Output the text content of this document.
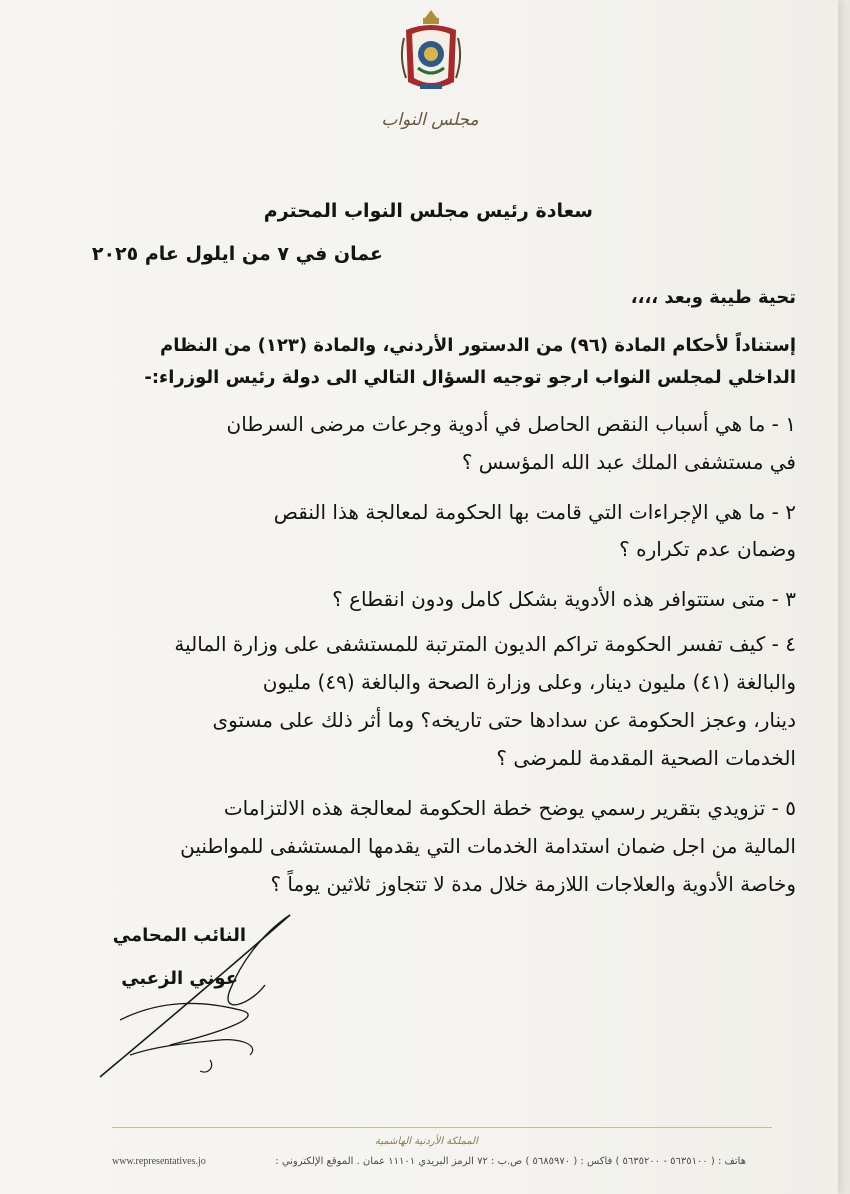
مجلس النواب
سعادة رئيس مجلس النواب المحترم
عمان في ٧ من ايلول عام ٢٠٢٥
تحية طيبة وبعد ،،،،
إستناداً لأحكام المادة (٩٦) من الدستور الأردني، والمادة (١٢٣) من النظام
الداخلي لمجلس النواب ارجو توجيه السؤال التالي الى دولة رئيس الوزراء:-
١ - ما هي أسباب النقص الحاصل في أدوية وجرعات مرضى السرطان
في مستشفى الملك عبد الله المؤسس ؟
٢ - ما هي الإجراءات التي قامت بها الحكومة لمعالجة هذا النقص
وضمان عدم تكراره ؟
٣ - متى ستتوافر هذه الأدوية بشكل كامل ودون انقطاع ؟
٤ - كيف تفسر الحكومة تراكم الديون المترتبة للمستشفى على وزارة المالية
والبالغة (٤١) مليون دينار، وعلى وزارة الصحة والبالغة (٤٩) مليون
دينار، وعجز الحكومة عن سدادها حتى تاريخه؟ وما أثر ذلك على مستوى
الخدمات الصحية المقدمة للمرضى ؟
٥ - تزويدي بتقرير رسمي يوضح خطة الحكومة لمعالجة هذه الالتزامات
المالية من اجل ضمان استدامة الخدمات التي يقدمها المستشفى للمواطنين
وخاصة الأدوية والعلاجات اللازمة خلال مدة لا تتجاوز ثلاثين يوماً ؟
النائب المحامي
عوني الزعبي
المملكة الأردنية الهاشمية
هاتف : ( ٥٦٣٥١٠٠ - ٥٦٣٥٢٠٠ ) فاكس : ( ٥٦٨٥٩٧٠ ) ص.ب : ٧٢ الرمز البريدي ١١١٠١ عمان . الموقع الإلكتروني :
www.representatives.jo
